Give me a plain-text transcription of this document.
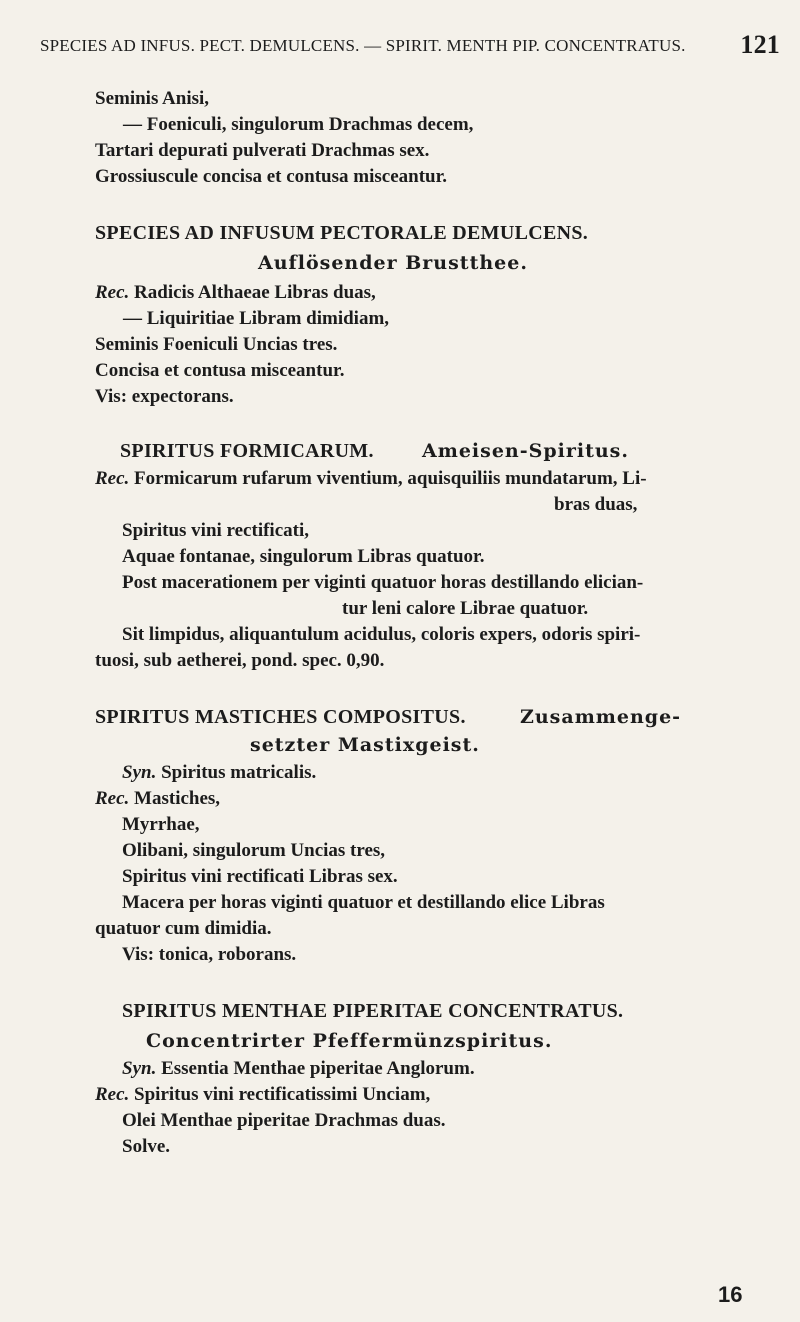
SPECIES AD INFUS. PECT. DEMULCENS. — SPIRIT. MENTH PIP. CONCENTRATUS. 121
Seminis Anisi,
— Foeniculi, singulorum Drachmas decem,
Tartari depurati pulverati Drachmas sex.
Grossiuscule concisa et contusa misceantur.
SPECIES AD INFUSUM PECTORALE DEMULCENS.
Auflösender Brustthee.
Rec. Radicis Althaeae Libras duas,
— Liquiritiae Libram dimidiam,
Seminis Foeniculi Uncias tres.
Concisa et contusa misceantur.
Vis: expectorans.
SPIRITUS FORMICARUM.	Ameisen-Spiritus.
Rec. Formicarum rufarum viventium, aquisquiliis mundatarum, Li-
bras duas,
Spiritus vini rectificati,
Aquae fontanae, singulorum Libras quatuor.
Post macerationem per viginti quatuor horas destillando elician-
tur leni calore Librae quatuor.
Sit limpidus, aliquantulum acidulus, coloris expers, odoris spiri-
tuosi, sub aetherei, pond. spec. 0,90.
SPIRITUS MASTICHES COMPOSITUS.	Zusammenge-
setzter Mastixgeist.
Syn. Spiritus matricalis.
Rec. Mastiches,
Myrrhae,
Olibani, singulorum Uncias tres,
Spiritus vini rectificati Libras sex.
Macera per horas viginti quatuor et destillando elice Libras
quatuor cum dimidia.
Vis: tonica, roborans.
SPIRITUS MENTHAE PIPERITAE CONCENTRATUS.
Concentrirter Pfeffermünzspiritus.
Syn. Essentia Menthae piperitae Anglorum.
Rec. Spiritus vini rectificatissimi Unciam,
Olei Menthae piperitae Drachmas duas.
Solve.
16
